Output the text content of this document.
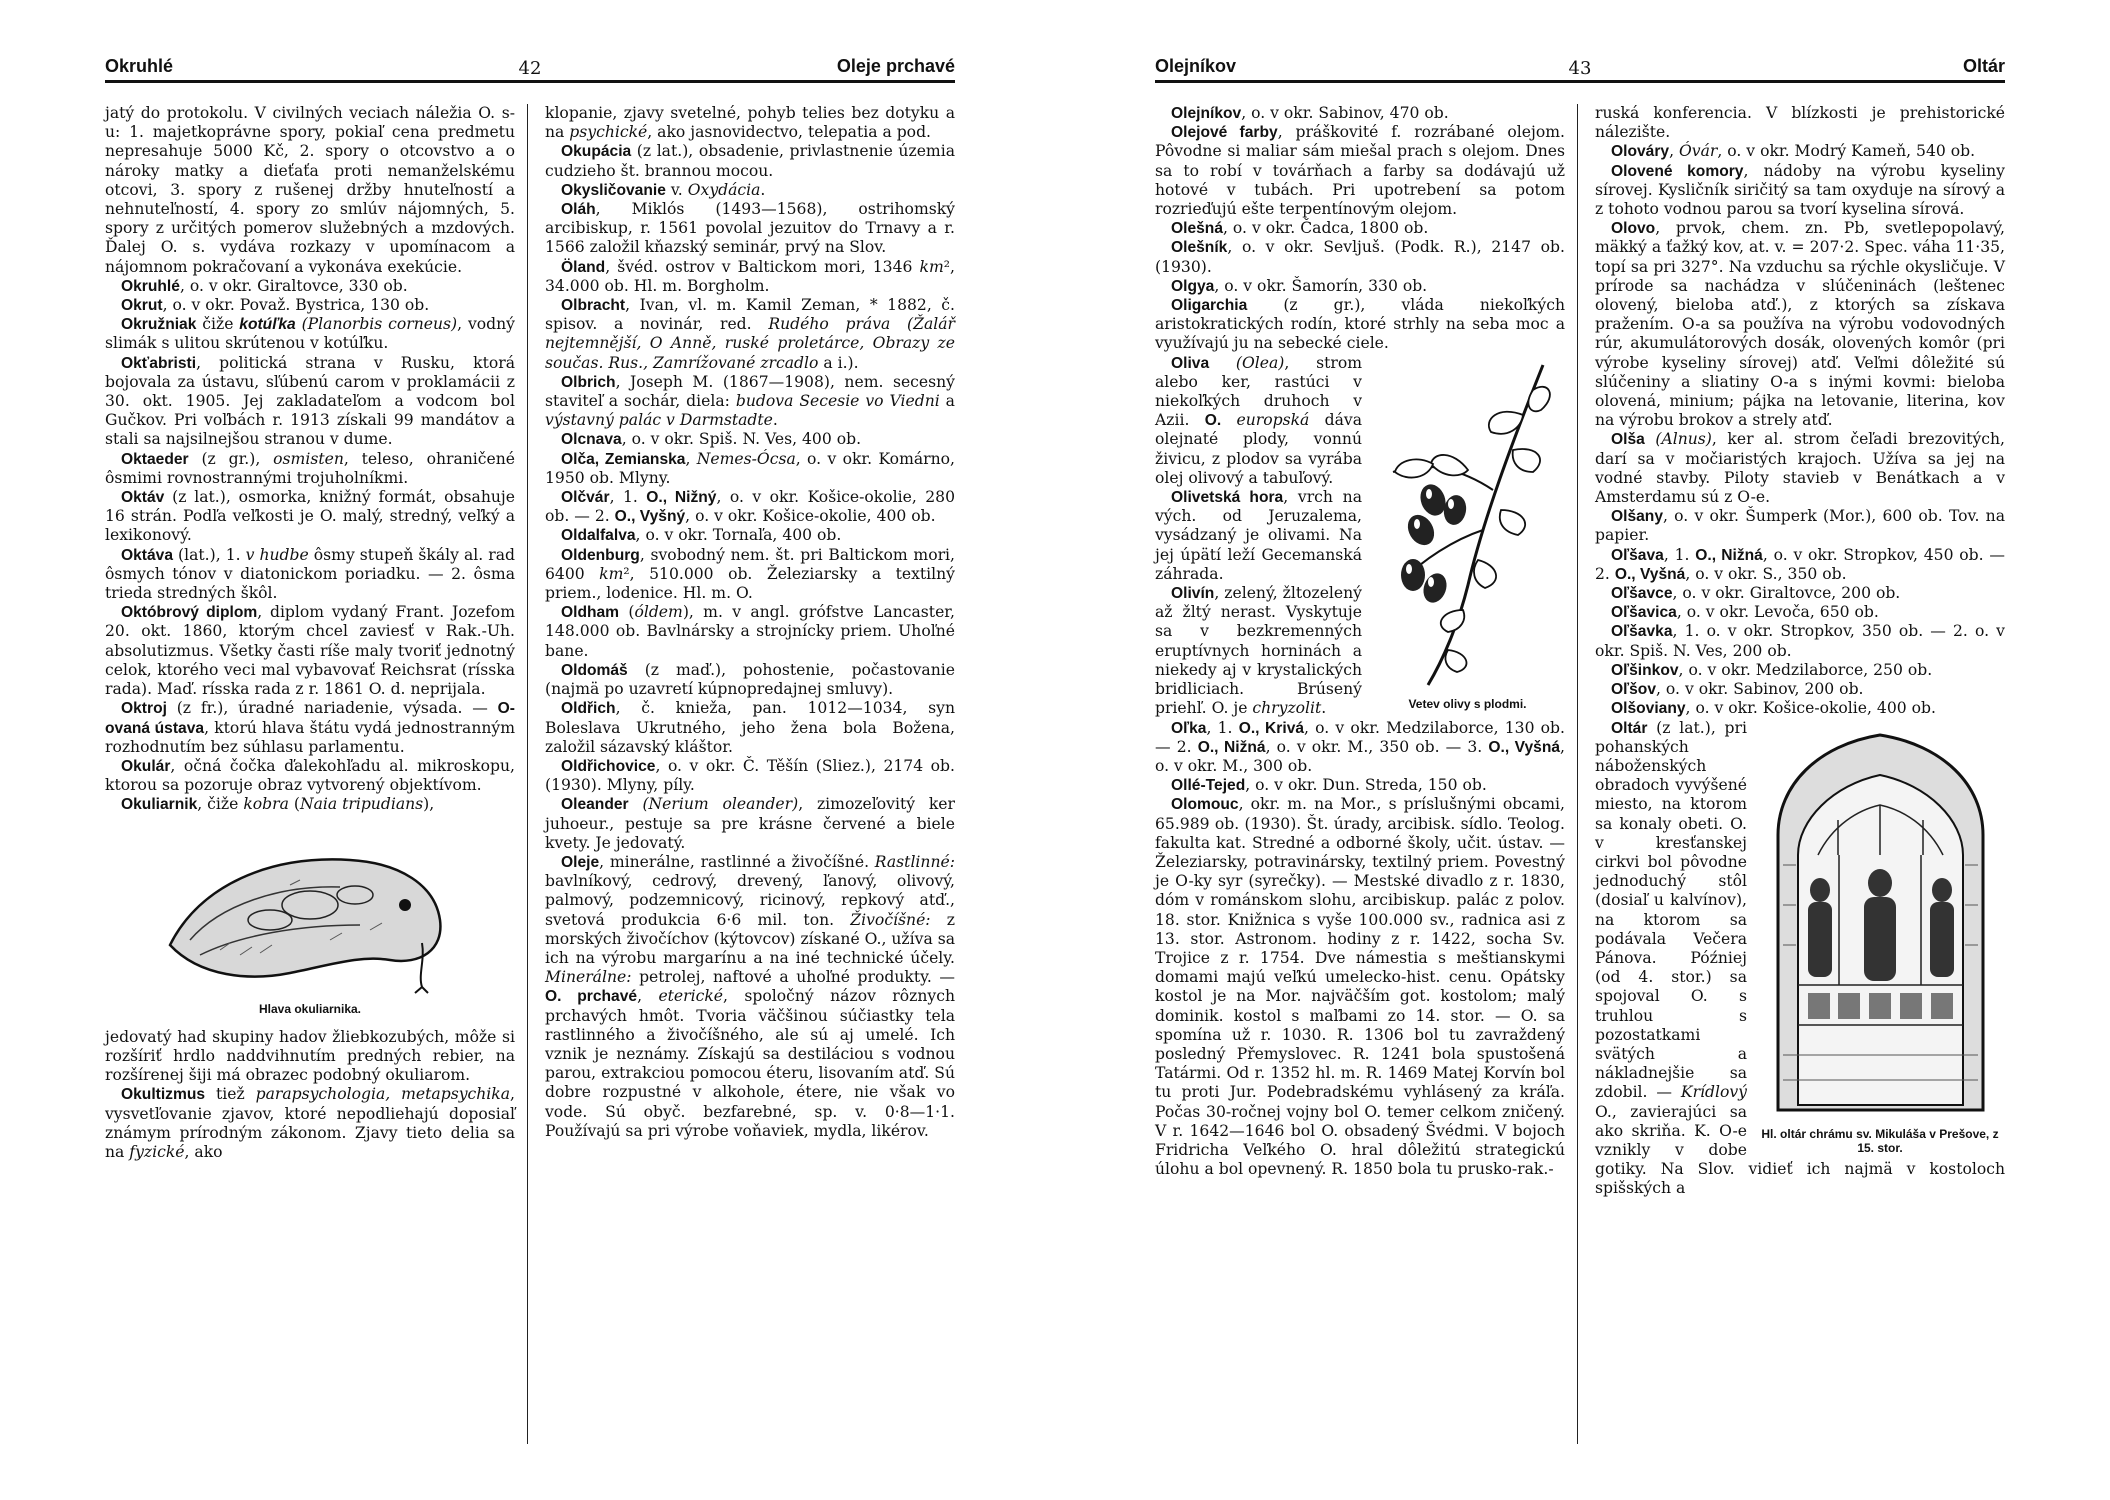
Okruhlé	42	Oleje prchavé

jatý do protokolu. V civilných veciach náležia O. s-u: 1. majetkoprávne spory, pokiaľ cena predmetu nepresahuje 5000 Kč, 2. spory o otcovstvo a o nároky matky a dieťaťa proti nemanželskému otcovi, 3. spory z rušenej držby hnuteľností a nehnuteľností, 4. spory zo smlúv nájomných, 5. spory z určitých pomerov služebných a mzdových. Ďalej O. s. vydáva rozkazy v upomínacom a nájomnom pokračovaní a vykonáva exekúcie.

Okruhlé, o. v okr. Giraltovce, 330 ob.

Okrut, o. v okr. Považ. Bystrica, 130 ob.

Okružniak čiže kotúľka (Planorbis corneus), vodný slimák s ulitou skrútenou v kotúľku.

Okťabristi, politická strana v Rusku, ktorá bojovala za ústavu, sľúbenú carom v proklamácii z 30. okt. 1905. Jej zakladateľom a vodcom bol Gučkov. Pri voľbách r. 1913 získali 99 mandátov a stali sa najsilnejšou stranou v dume.

Oktaeder (z gr.), osmisten, teleso, ohraničené ôsmimi rovnostrannými trojuholníkmi.

Oktáv (z lat.), osmorka, knižný formát, obsahuje 16 strán. Podľa veľkosti je O. malý, stredný, veľký a lexikonový.

Oktáva (lat.), 1. v hudbe ôsmy stupeň škály al. rad ôsmych tónov v diatonickom poriadku. — 2. ôsma trieda stredných škôl.

Októbrový diplom, diplom vydaný Frant. Jozefom 20. okt. 1860, ktorým chcel zaviesť v Rak.-Uh. absolutizmus. Všetky časti ríše maly tvoriť jednotný celok, ktorého veci mal vybavovať Reichsrat (rísska rada). Maď. rísska rada z r. 1861 O. d. neprijala.

Oktroj (z fr.), úradné nariadenie, výsada. — O-ovaná ústava, ktorú hlava štátu vydá jednostranným rozhodnutím bez súhlasu parlamentu.

Okulár, očná čočka ďalekohľadu al. mikroskopu, ktorou sa pozoruje obraz vytvorený objektívom.

Okuliarnik, čiže kobra (Naia tripudians),

Hlava okuliarnika.

jedovatý had skupiny hadov žliebkozubých, môže si rozšíriť hrdlo naddvihnutím predných rebier, na rozšírenej šiji má obrazec podobný okuliarom.

Okultizmus tiež parapsychologia, metapsychika, vysvetľovanie zjavov, ktoré nepodliehajú doposiaľ známym prírodným zákonom. Zjavy tieto delia sa na fyzické, ako

klopanie, zjavy svetelné, pohyb telies bez dotyku a na psychické, ako jasnovidectvo, telepatia a pod.

Okupácia (z lat.), obsadenie, privlastnenie územia cudzieho št. brannou mocou.

Okysličovanie v. Oxydácia.

Oláh, Miklós (1493—1568), ostrihomský arcibiskup, r. 1561 povolal jezuitov do Trnavy a r. 1566 založil kňazský seminár, prvý na Slov.

Öland, švéd. ostrov v Baltickom mori, 1346 km², 34.000 ob. Hl. m. Borgholm.

Olbracht, Ivan, vl. m. Kamil Zeman, * 1882, č. spisov. a novinár, red. Rudého práva (Žalář nejtemnější, O Anně, ruské proletárce, Obrazy ze součas. Rus., Zamrížované zrcadlo a i.).

Olbrich, Joseph M. (1867—1908), nem. secesný staviteľ a sochár, diela: budova Secesie vo Viedni a výstavný palác v Darmstadte.

Olcnava, o. v okr. Spiš. N. Ves, 400 ob.

Olča, Zemianska, Nemes-Ócsa, o. v okr. Komárno, 1950 ob. Mlyny.

Olčvár, 1. O., Nižný, o. v okr. Košice-okolie, 280 ob. — 2. O., Vyšný, o. v okr. Košice-okolie, 400 ob.

Oldalfalva, o. v okr. Tornaľa, 400 ob.

Oldenburg, svobodný nem. št. pri Baltickom mori, 6400 km², 510.000 ob. Železiarsky a textilný priem., lodenice. Hl. m. O.

Oldham (óldem), m. v angl. grófstve Lancaster, 148.000 ob. Bavlnársky a strojnícky priem. Uhoľné bane.

Oldomáš (z maď.), pohostenie, počastovanie (najmä po uzavretí kúpnopredajnej smluvy).

Oldřich, č. knieža, pan. 1012—1034, syn Boleslava Ukrutného, jeho žena bola Božena, založil sázavský kláštor.

Oldřichovice, o. v okr. Č. Těšín (Sliez.), 2174 ob. (1930). Mlyny, píly.

Oleander (Nerium oleander), zimozeľovitý ker juhoeur., pestuje sa pre krásne červené a biele kvety. Je jedovatý.

Oleje, minerálne, rastlinné a živočíšné. Rastlinné: bavlníkový, cedrový, drevený, ľanový, olivový, palmový, podzemnicový, ricinový, repkový atď., svetová produkcia 6·6 mil. ton. Živočíšné: z morských živočíchov (kýtovcov) získané O., užíva sa ich na výrobu margarínu a na iné technické účely. Minerálne: petrolej, naftové a uhoľné produkty. — O. prchavé, eterické, spoločný názov rôznych prchavých hmôt. Tvoria väčšinou súčiastky tela rastlinného a živočíšného, ale sú aj umelé. Ich vznik je neznámy. Získajú sa destiláciou s vodnou parou, extrakciou pomocou éteru, lisovaním atď. Sú dobre rozpustné v alkohole, étere, nie však vo vode. Sú obyč. bezfarebné, sp. v. 0·8—1·1. Používajú sa pri výrobe voňaviek, mydla, likérov.

Olejníkov	43	Oltár

Olejníkov, o. v okr. Sabinov, 470 ob.

Olejové farby, práškovité f. rozrábané olejom. Pôvodne si maliar sám miešal prach s olejom. Dnes sa to robí v továrňach a farby sa dodávajú už hotové v tubách. Pri upotrebení sa potom rozrieďujú ešte terpentínovým olejom.

Olešná, o. v okr. Čadca, 1800 ob.

Olešník, o. v okr. Sevljuš. (Podk. R.), 2147 ob. (1930).

Olgya, o. v okr. Šamorín, 330 ob.

Oligarchia (z gr.), vláda niekoľkých aristokratických rodín, ktoré strhly na seba moc a využívajú ju na sebecké ciele.

Vetev olivy s plodmi.

Oliva (Olea), strom alebo ker, rastúci v niekoľkých druhoch v Azii. O. europská dáva olejnaté plody, vonnú živicu, z plodov sa vyrába olej olivový a tabuľový.

Olivetská hora, vrch na vých. od Jeruzalema, vysádzaný je olivami. Na jej úpätí leží Gecemanská záhrada.

Olivín, zelený, žltozelený až žltý nerast. Vyskytuje sa v bezkremenných eruptívnych horninách a niekedy aj v krystalických bridliciach. Brúsený priehľ. O. je chryzolit.

Oľka, 1. O., Krivá, o. v okr. Medzilaborce, 130 ob. — 2. O., Nižná, o. v okr. M., 350 ob. — 3. O., Vyšná, o. v okr. M., 300 ob.

Ollé-Tejed, o. v okr. Dun. Streda, 150 ob.

Olomouc, okr. m. na Mor., s príslušnými obcami, 65.989 ob. (1930). Št. úrady, arcibisk. sídlo. Teolog. fakulta kat. Stredné a odborné školy, učit. ústav. — Železiarsky, potravinársky, textilný priem. Povestný je O-ky syr (syrečky). — Mestské divadlo z r. 1830, dóm v románskom slohu, arcibiskup. palác z polov. 18. stor. Knižnica s vyše 100.000 sv., radnica asi z 13. stor. Astronom. hodiny z r. 1422, socha Sv. Trojice z r. 1754. Dve námestia s meštianskymi domami majú veľkú umelecko-hist. cenu. Opátsky kostol je na Mor. najväčším got. kostolom; malý dominik. kostol s maľbami zo 14. stor. — O. sa spomína už r. 1030. R. 1306 bol tu zavraždený posledný Přemyslovec. R. 1241 bola spustošená Tatármi. Od r. 1352 hl. m. R. 1469 Matej Korvín bol tu proti Jur. Podebradskému vyhlásený za kráľa. Počas 30-ročnej vojny bol O. temer celkom zničený. V r. 1642—1646 bol O. obsadený Švédmi. V bojoch Fridricha Veľkého O. hral dôležitú strategickú úlohu a bol opevnený. R. 1850 bola tu prusko-rak.-

ruská konferencia. V blízkosti je prehistorické nálezište.

Olováry, Óvár, o. v okr. Modrý Kameň, 540 ob.

Olovené komory, nádoby na výrobu kyseliny sírovej. Kysličník siričitý sa tam oxyduje na sírový a z tohoto vodnou parou sa tvorí kyselina sírová.

Olovo, prvok, chem. zn. Pb, svetlepopolavý, mäkký a ťažký kov, at. v. = 207·2. Spec. váha 11·35, topí sa pri 327°. Na vzduchu sa rýchle okysličuje. V prírode sa nachádza v slúčeninách (leštenec olovený, bieloba atď.), z ktorých sa získava pražením. O-a sa používa na výrobu vodovodných rúr, akumulátorových dosák, olovených komôr (pri výrobe kyseliny sírovej) atď. Veľmi dôležité sú slúčeniny a sliatiny O-a s inými kovmi: bieloba olovená, minium; pájka na letovanie, literina, kov na výrobu brokov a strely atď.

Olša (Alnus), ker al. strom čeľadi brezovitých, darí sa v močiaristých krajoch. Užíva sa jej na vodné stavby. Piloty stavieb v Benátkach a v Amsterdamu sú z O-e.

Olšany, o. v okr. Šumperk (Mor.), 600 ob. Tov. na papier.

Oľšava, 1. O., Nižná, o. v okr. Stropkov, 450 ob. — 2. O., Vyšná, o. v okr. S., 350 ob.

Oľšavce, o. v okr. Giraltovce, 200 ob.

Oľšavica, o. v okr. Levoča, 650 ob.

Oľšavka, 1. o. v okr. Stropkov, 350 ob. — 2. o. v okr. Spiš. N. Ves, 200 ob.

Oľšinkov, o. v okr. Medzilaborce, 250 ob.

Oľšov, o. v okr. Sabinov, 200 ob.

Olšoviany, o. v okr. Košice-okolie, 400 ob.

Hl. oltár chrámu sv. Mikuláša v Prešove, z 15. stor.

Oltár (z lat.), pri pohanských náboženských obradoch vyvýšené miesto, na ktorom sa konaly obeti. O. v kresťanskej cirkvi bol pôvodne jednoduchý stôl (dosiaľ u kalvínov), na ktorom sa podávala Večera Pánova. Później (od 4. stor.) sa spojoval O. s truhlou s pozostatkami svätých a nákladnejšie sa zdobil. — Krídlový O., zavierajúci sa ako skriňa. K. O-e vznikly v dobe gotiky. Na Slov. vidieť ich najmä v kostoloch spišských a
